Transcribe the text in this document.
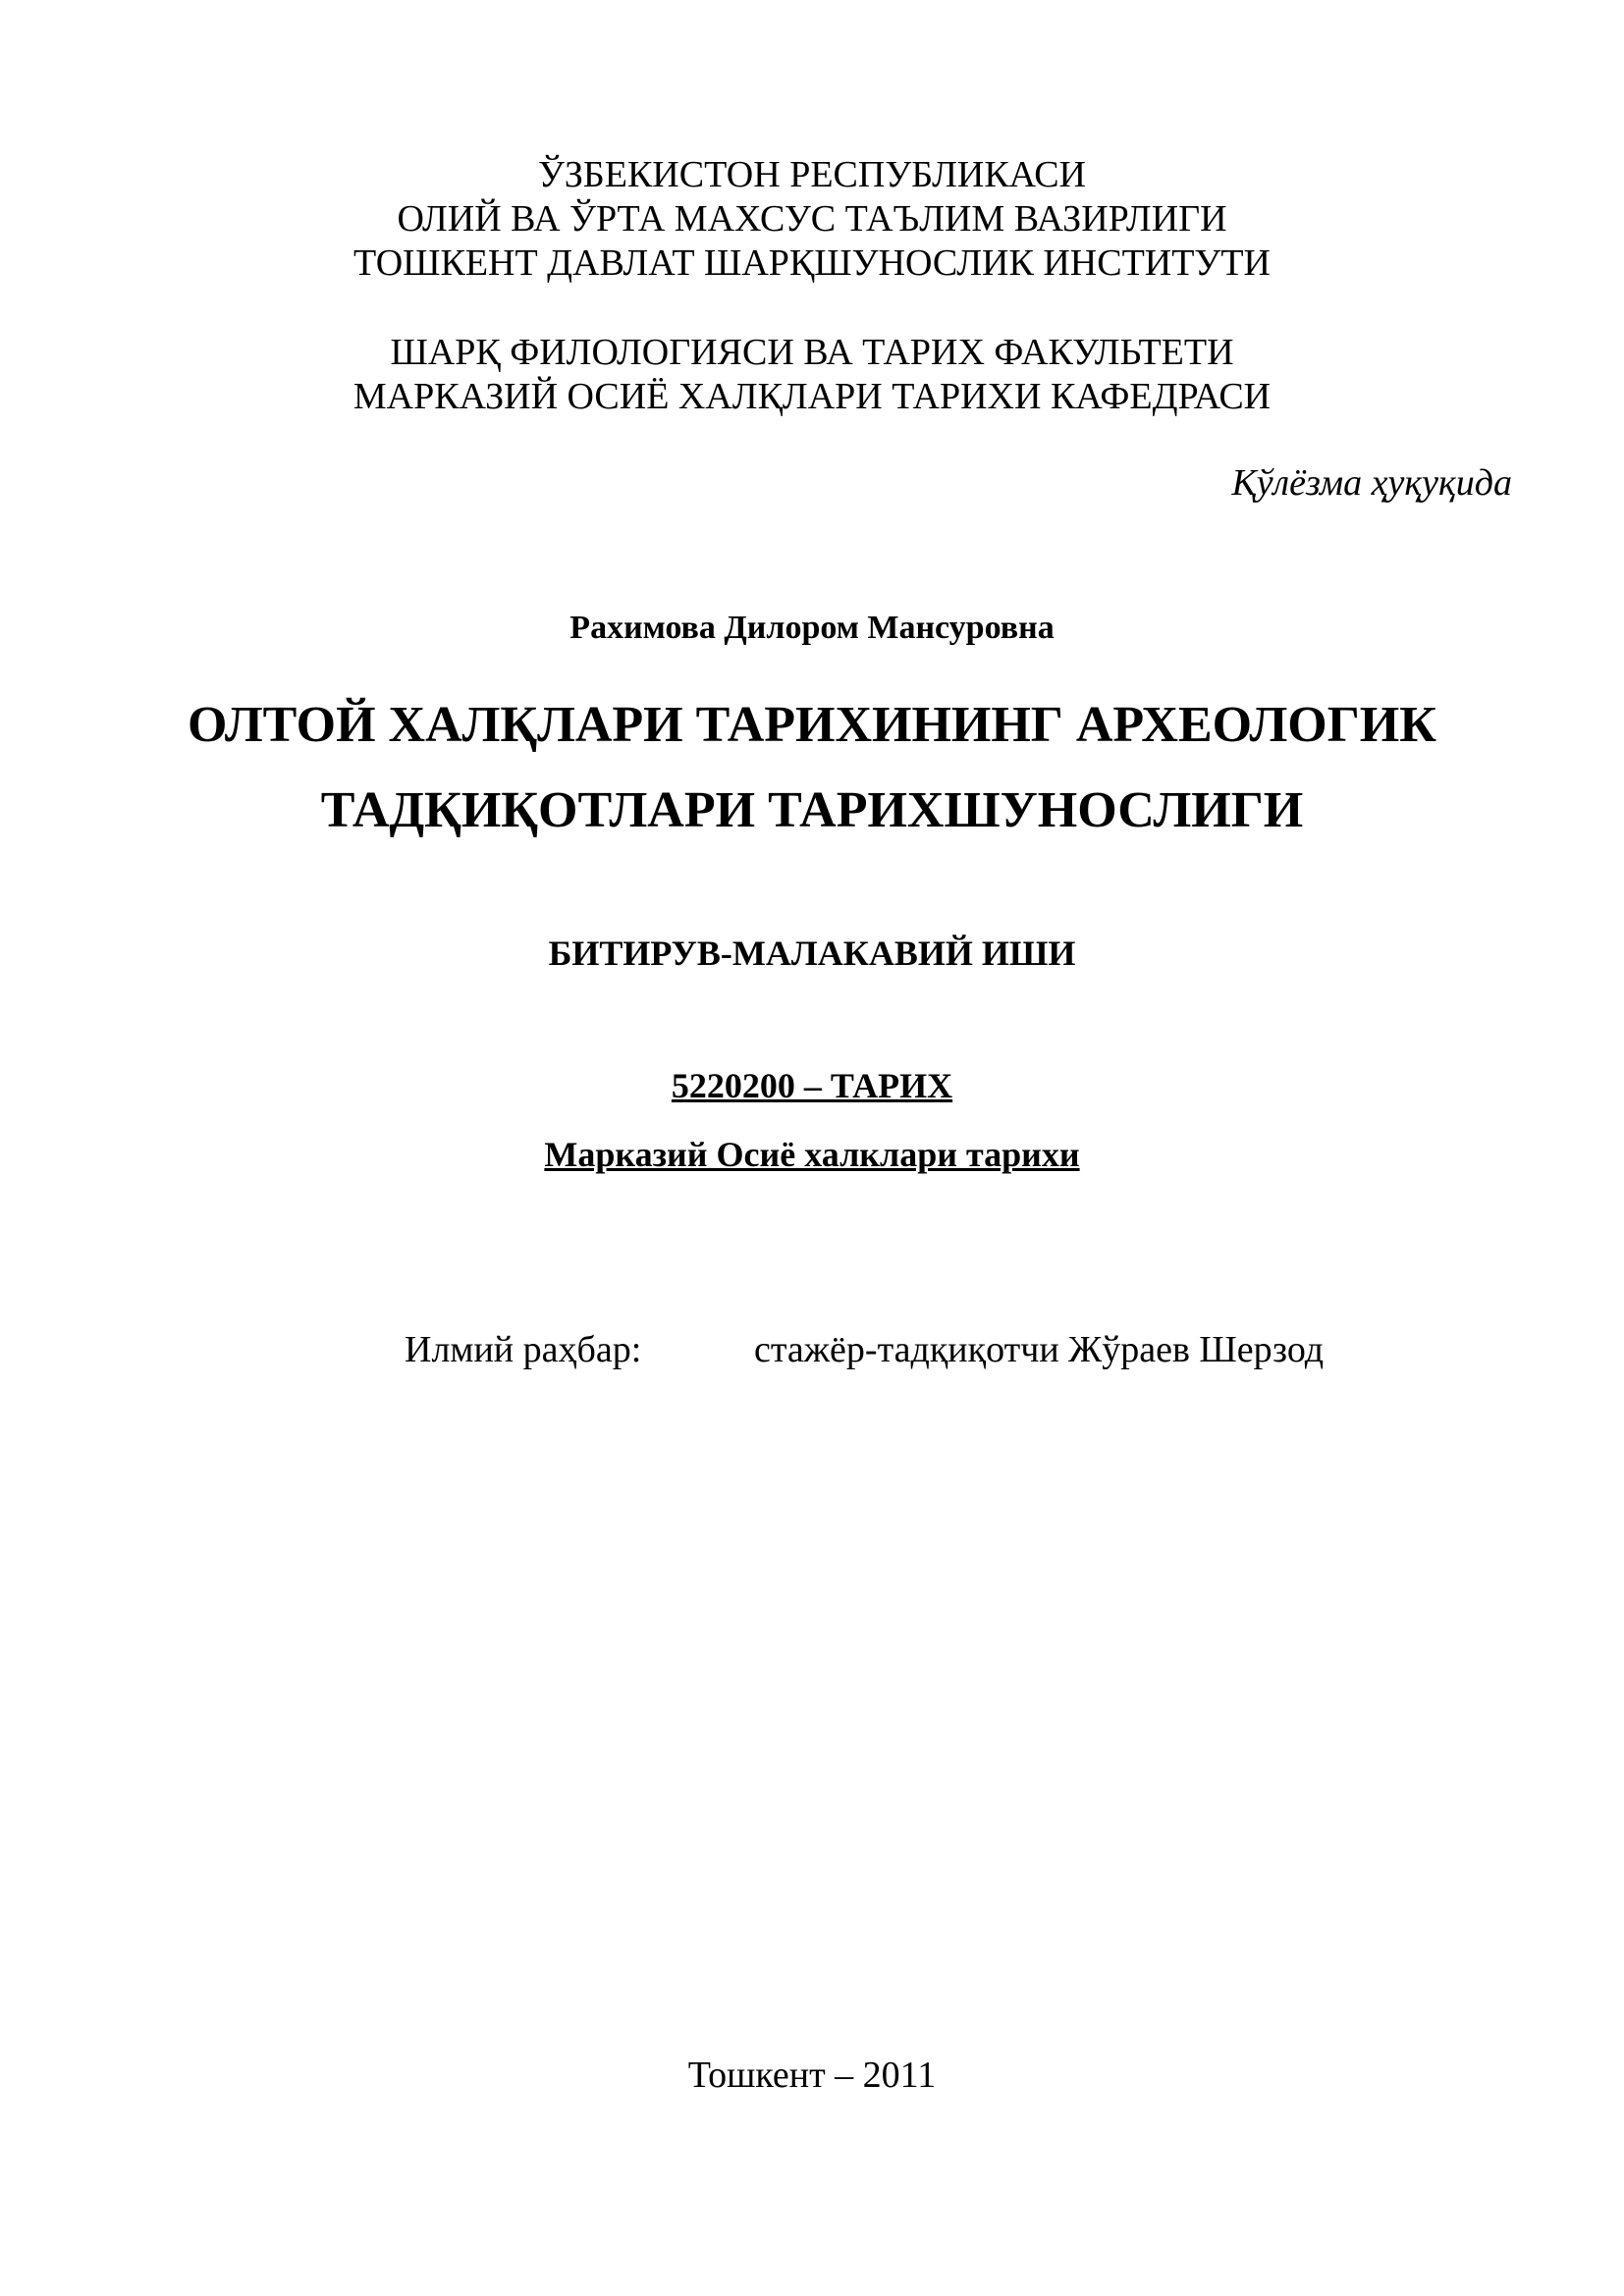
ЎЗБЕКИСТОН РЕСПУБЛИКАСИ
ОЛИЙ ВА ЎРТА МАХСУС ТАЪЛИМ ВАЗИРЛИГИ
ТОШКЕНТ ДАВЛАТ ШАРҚШУНОСЛИК ИНСТИТУТИ
ШАРҚ ФИЛОЛОГИЯСИ ВА ТАРИХ ФАКУЛЬТЕТИ
МАРКАЗИЙ ОСИЁ ХАЛҚЛАРИ ТАРИХИ КАФЕДРАСИ
Қўлёзма ҳуқуқида
Рахимова Дилором Мансуровна
ОЛТОЙ ХАЛҚЛАРИ ТАРИХИНИНГ АРХЕОЛОГИК
ТАДҚИҚОТЛАРИ ТАРИХШУНОСЛИГИ
БИТИРУВ-МАЛАКАВИЙ ИШИ
5220200 – ТАРИХ
Марказий Осиё халклари тарихи
Илмий раҳбар:	стажёр-тадқиқотчи Жўраев Шерзод
Тошкент – 2011
